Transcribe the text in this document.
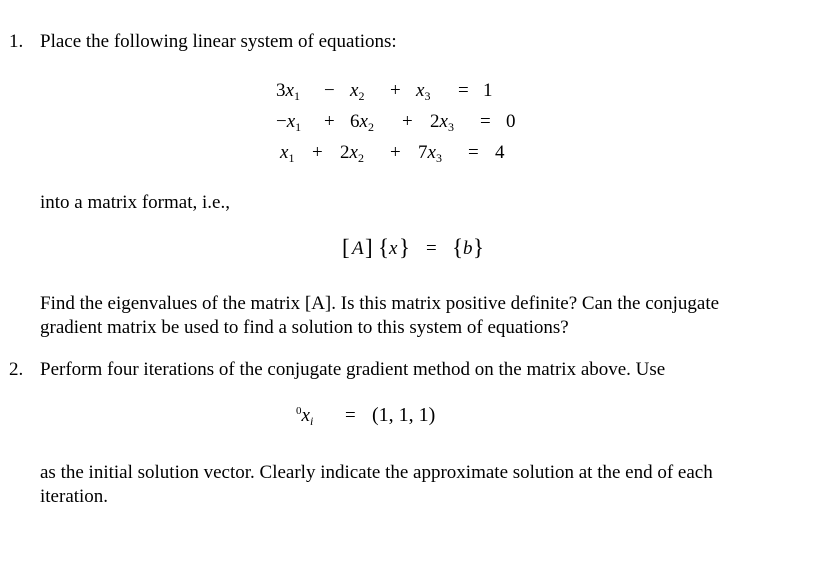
1. Place the following linear system of equations:
$3x_1 - x_2 + x_3 = 1$
$-x_1 + 6x_2 + 2x_3 = 0$
$x_1 + 2x_2 + 7x_3 = 4$
into a matrix format, i.e.,
[ A ] { x } = { b }
Find the eigenvalues of the matrix [A]. Is this matrix positive definite? Can the conjugate
gradient matrix be used to find a solution to this system of equations?
2. Perform four iterations of the conjugate gradient method on the matrix above. Use
$^0x_i = (1$, 1, 1)
as the initial solution vector. Clearly indicate the approximate solution at the end of each
iteration.
